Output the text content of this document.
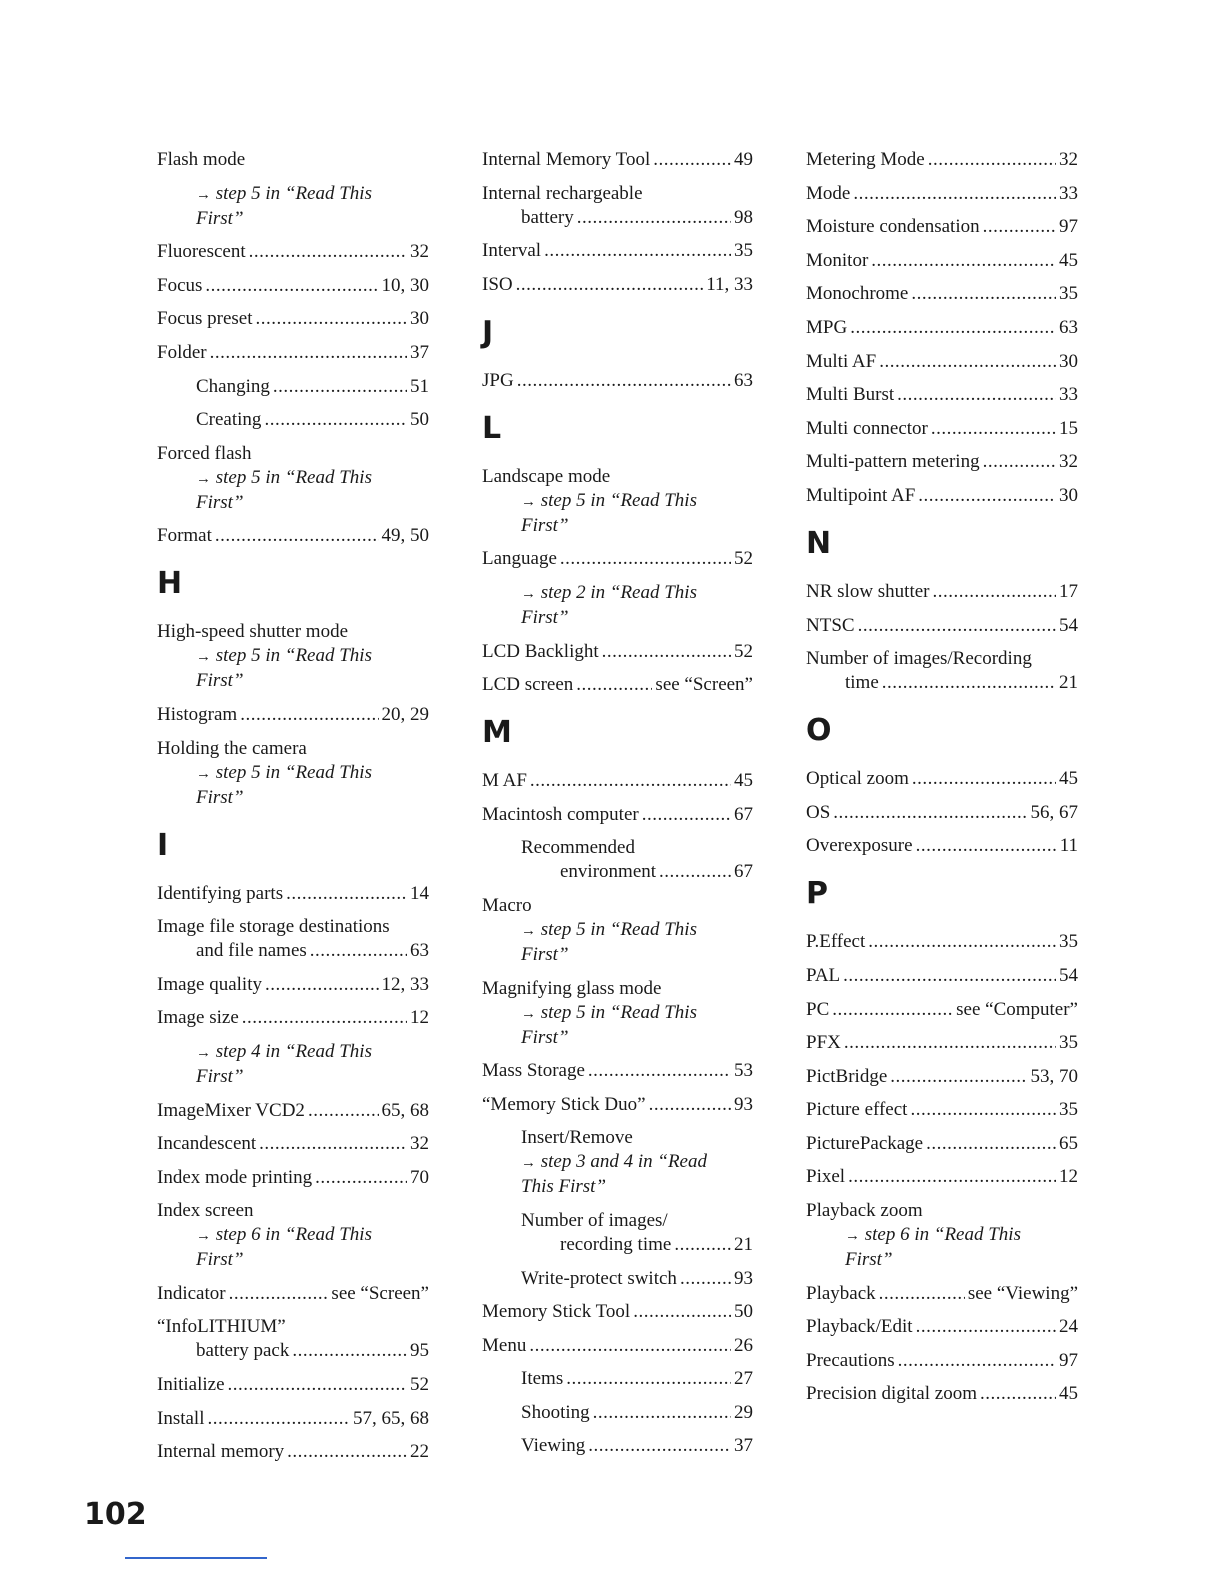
Flash mode
→ step 5 in “Read This
First”
Fluorescent .....	32
Focus .....	10, 30
Focus preset .....	30
Folder .....	37
Changing .....	51
Creating .....	50
Forced flash
→ step 5 in “Read This
First”
Format .....	49, 50
H
High-speed shutter mode
→ step 5 in “Read This
First”
Histogram .....	20, 29
Holding the camera
→ step 5 in “Read This
First”
I
Identifying parts .....	14
Image file storage destinations
and file names .....	63
Image quality .....	12, 33
Image size .....	12
→ step 4 in “Read This
First”
ImageMixer VCD2 .....	65, 68
Incandescent .....	32
Index mode printing .....	70
Index screen
→ step 6 in “Read This
First”
Indicator .....	see “Screen”
“InfoLITHIUM”
battery pack .....	95
Initialize .....	52
Install .....	57, 65, 68
Internal memory .....	22
Internal Memory Tool .....	49
Internal rechargeable
battery .....	98
Interval .....	35
ISO .....	11, 33
J
JPG .....	63
L
Landscape mode
→ step 5 in “Read This
First”
Language .....	52
→ step 2 in “Read This
First”
LCD Backlight .....	52
LCD screen .....	see “Screen”
M
M AF .....	45
Macintosh computer .....	67
Recommended
environment .....	67
Macro
→ step 5 in “Read This
First”
Magnifying glass mode
→ step 5 in “Read This
First”
Mass Storage .....	53
“Memory Stick Duo” .....	93
Insert/Remove
→ step 3 and 4 in “Read
This First”
Number of images/
recording time .....	21
Write-protect switch .....	93
Memory Stick Tool .....	50
Menu .....	26
Items .....	27
Shooting .....	29
Viewing .....	37
Metering Mode .....	32
Mode .....	33
Moisture condensation .....	97
Monitor .....	45
Monochrome .....	35
MPG .....	63
Multi AF .....	30
Multi Burst .....	33
Multi connector .....	15
Multi-pattern metering .....	32
Multipoint AF .....	30
N
NR slow shutter .....	17
NTSC .....	54
Number of images/Recording
time .....	21
O
Optical zoom .....	45
OS .....	56, 67
Overexposure .....	11
P
P.Effect .....	35
PAL .....	54
PC .....	see “Computer”
PFX .....	35
PictBridge .....	53, 70
Picture effect .....	35
PicturePackage .....	65
Pixel .....	12
Playback zoom
→ step 6 in “Read This
First”
Playback .....	see “Viewing”
Playback/Edit .....	24
Precautions .....	97
Precision digital zoom .....	45
102
